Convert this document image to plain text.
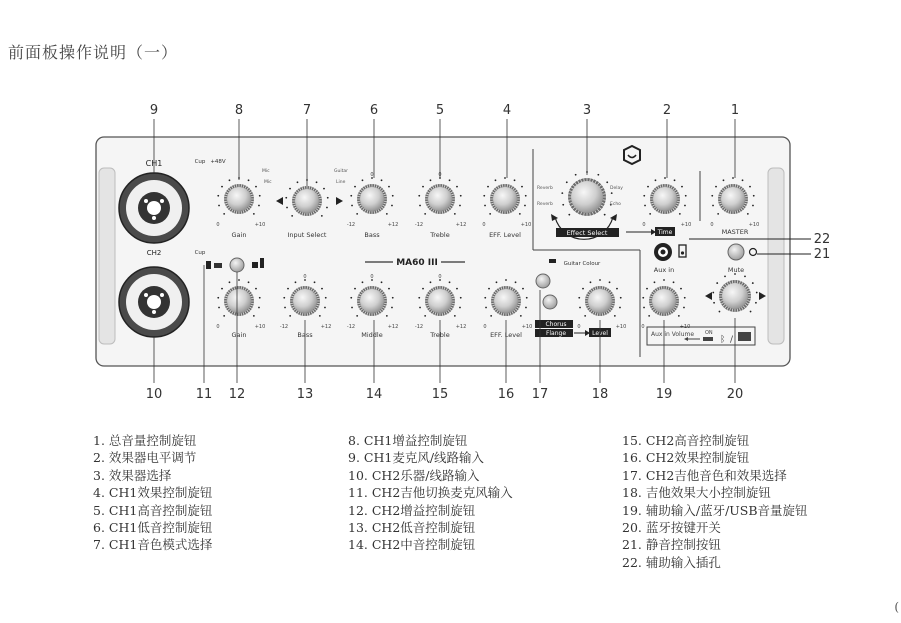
前面板操作说明（一）
MA60 III
CH1
CH2
0	+10	-12	+12
0
-12	+12
0
0	+10	0	+10	0	+10
0	+10	-12	+12
0
-12	+12
0
-12	+12
0
0	+10	0	+10	0	+10
Cup +48V
Cup
Gain	Input Select	Bass	Treble	EFF. Level	MASTER
Aux in	Mute
Gain	Bass	Middle	Treble	EFF. Level
Guitar Colour
Mic
Mic
Guitar
Line
Reverb
Reverb
Delay
Echo
Effect Select	Time
Chorus
Flange	Level	Aux in Volume ON
ᛒ /
9	8	7	6	5	4	3	2	1
10	11 12	13	14	15	16 17	18	19	20
22
21
1. 总音量控制旋钮
2. 效果器电平调节
3. 效果器选择
4. CH1效果控制旋钮
5. CH1高音控制旋钮
6. CH1低音控制旋钮
7. CH1音色模式选择
8. CH1增益控制旋钮
9. CH1麦克风/线路输入
10. CH2乐器/线路输入
11. CH2吉他切换麦克风输入
12. CH2增益控制旋钮
13. CH2低音控制旋钮
14. CH2中音控制旋钮
15. CH2高音控制旋钮
16. CH2效果控制旋钮
17. CH2吉他音色和效果选择
18. 吉他效果大小控制旋钮
19. 辅助输入/蓝牙/USB音量旋钮
20. 蓝牙按键开关
21. 静音控制按钮
22. 辅助输入插孔
(
